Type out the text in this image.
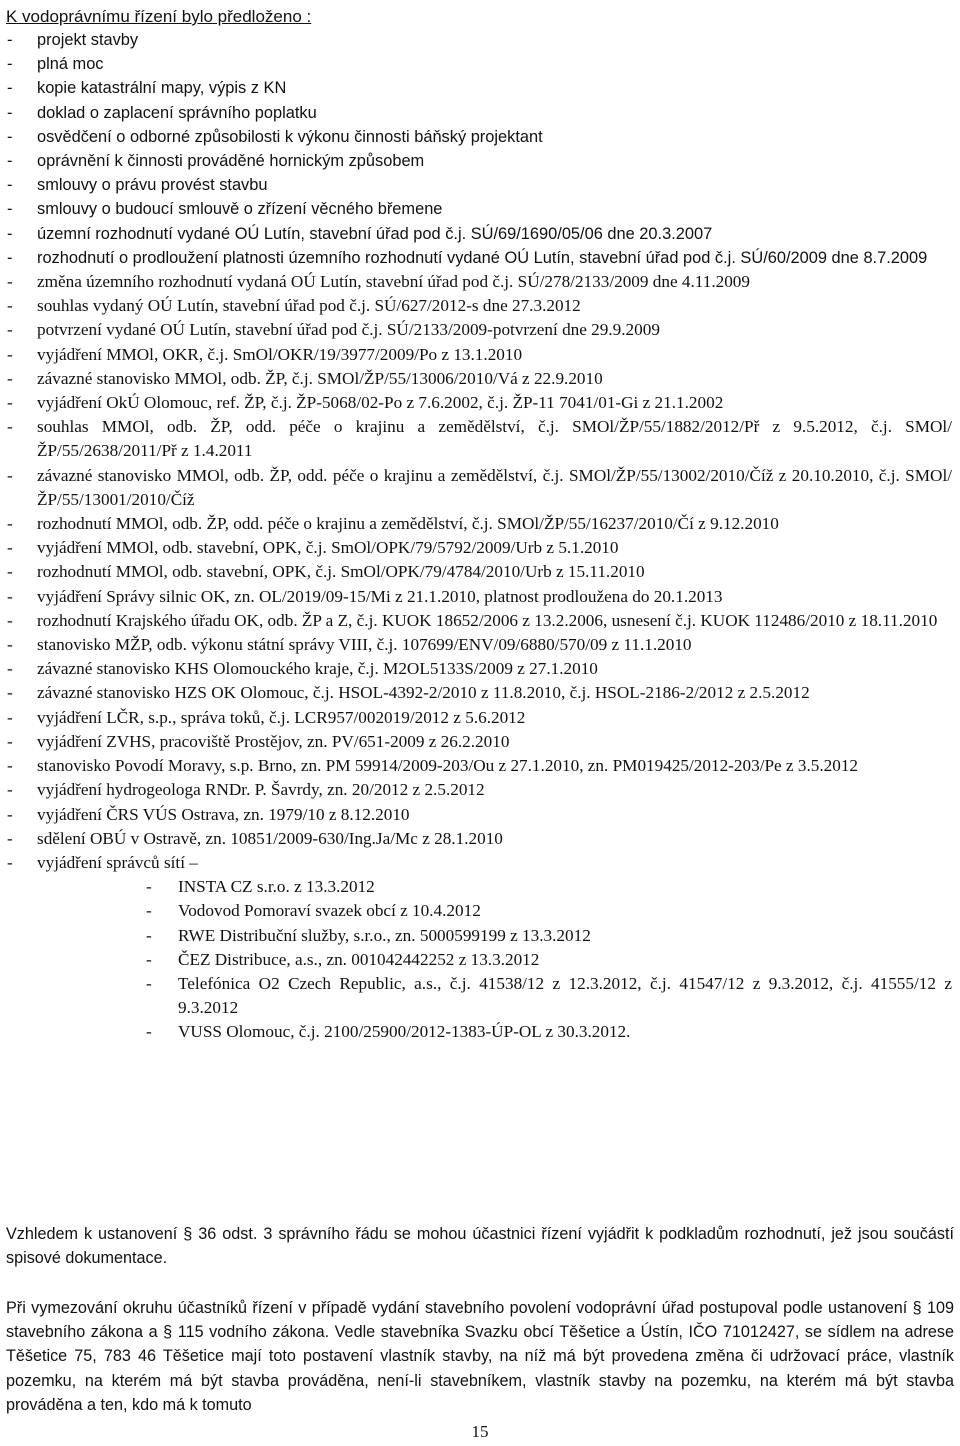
K vodoprávnímu řízení bylo předloženo :
- projekt stavby
- plná moc
- kopie katastrální mapy, výpis z KN
- doklad o zaplacení správního poplatku
- osvědčení o odborné způsobilosti k výkonu činnosti báňský projektant
- oprávnění k činnosti prováděné hornickým způsobem
- smlouvy o právu provést stavbu
- smlouvy o budoucí smlouvě o zřízení věcného břemene
- územní rozhodnutí vydané OÚ Lutín, stavební úřad pod č.j. SÚ/69/1690/05/06 dne 20.3.2007
- rozhodnutí o prodloužení platnosti územního rozhodnutí vydané OÚ Lutín, stavební úřad pod č.j. SÚ/60/2009 dne 8.7.2009
- změna územního rozhodnutí vydaná OÚ Lutín, stavební úřad pod č.j. SÚ/278/2133/2009 dne 4.11.2009
- souhlas vydaný OÚ Lutín, stavební úřad pod č.j. SÚ/627/2012-s dne 27.3.2012
- potvrzení vydané OÚ Lutín, stavební úřad pod č.j. SÚ/2133/2009-potvrzení dne 29.9.2009
- vyjádření MMOl, OKR, č.j. SmOl/OKR/19/3977/2009/Po z 13.1.2010
- závazné stanovisko MMOl, odb. ŽP, č.j. SMOl/ŽP/55/13006/2010/Vá z 22.9.2010
- vyjádření OkÚ Olomouc, ref. ŽP, č.j. ŽP-5068/02-Po z 7.6.2002, č.j. ŽP-11 7041/01-Gi z 21.1.2002
- souhlas MMOl, odb. ŽP, odd. péče o krajinu a zemědělství, č.j. SMOl/ŽP/55/1882/2012/Př z 9.5.2012, č.j. SMOl/ŽP/55/2638/2011/Př z 1.4.2011
- závazné stanovisko MMOl, odb. ŽP, odd. péče o krajinu a zemědělství, č.j. SMOl/ŽP/55/13002/2010/Číž z 20.10.2010, č.j. SMOl/ŽP/55/13001/2010/Číž
- rozhodnutí MMOl, odb. ŽP, odd. péče o krajinu a zemědělství, č.j. SMOl/ŽP/55/16237/2010/Čí z 9.12.2010
- vyjádření MMOl, odb. stavební, OPK, č.j. SmOl/OPK/79/5792/2009/Urb z 5.1.2010
- rozhodnutí MMOl, odb. stavební, OPK, č.j. SmOl/OPK/79/4784/2010/Urb z 15.11.2010
- vyjádření Správy silnic OK, zn. OL/2019/09-15/Mi z 21.1.2010, platnost prodloužena do 20.1.2013
- rozhodnutí Krajského úřadu OK, odb. ŽP a Z, č.j. KUOK 18652/2006 z 13.2.2006, usnesení č.j. KUOK 112486/2010 z 18.11.2010
- stanovisko MŽP, odb. výkonu státní správy VIII, č.j. 107699/ENV/09/6880/570/09 z 11.1.2010
- závazné stanovisko KHS Olomouckého kraje, č.j. M2OL5133S/2009 z 27.1.2010
- závazné stanovisko HZS OK Olomouc, č.j. HSOL-4392-2/2010 z 11.8.2010, č.j. HSOL-2186-2/2012 z 2.5.2012
- vyjádření LČR, s.p., správa toků, č.j. LCR957/002019/2012 z 5.6.2012
- vyjádření ZVHS, pracoviště Prostějov, zn. PV/651-2009 z 26.2.2010
- stanovisko Povodí Moravy, s.p. Brno, zn. PM 59914/2009-203/Ou z 27.1.2010, zn. PM019425/2012-203/Pe z 3.5.2012
- vyjádření hydrogeologa RNDr. P. Šavrdy, zn. 20/2012 z 2.5.2012
- vyjádření ČRS VÚS Ostrava, zn. 1979/10 z 8.12.2010
- sdělení OBÚ v Ostravě, zn. 10851/2009-630/Ing.Ja/Mc z 28.1.2010
- vyjádření správců sítí –
- INSTA CZ s.r.o. z 13.3.2012
- Vodovod Pomoraví svazek obcí z 10.4.2012
- RWE Distribuční služby, s.r.o., zn. 5000599199 z 13.3.2012
- ČEZ Distribuce, a.s., zn. 001042442252 z 13.3.2012
- Telefónica O2 Czech Republic, a.s., č.j. 41538/12 z 12.3.2012, č.j. 41547/12 z 9.3.2012, č.j. 41555/12 z 9.3.2012
- VUSS Olomouc, č.j. 2100/25900/2012-1383-ÚP-OL z 30.3.2012.
Vzhledem k ustanovení § 36 odst. 3 správního řádu se mohou účastnici řízení vyjádřit k podkladům rozhodnutí, jež jsou součástí spisové dokumentace.
Při vymezování okruhu účastníků řízení v případě vydání stavebního povolení vodoprávní úřad postupoval podle ustanovení § 109 stavebního zákona a § 115 vodního zákona. Vedle stavebníka Svazku obcí Těšetice a Ústín, IČO 71012427, se sídlem na adrese Těšetice 75, 783 46 Těšetice mají toto postavení vlastník stavby, na níž má být provedena změna či udržovací práce, vlastník pozemku, na kterém má být stavba prováděna, není-li stavebníkem, vlastník stavby na pozemku, na kterém má být stavba prováděna a ten, kdo má k tomuto
15
